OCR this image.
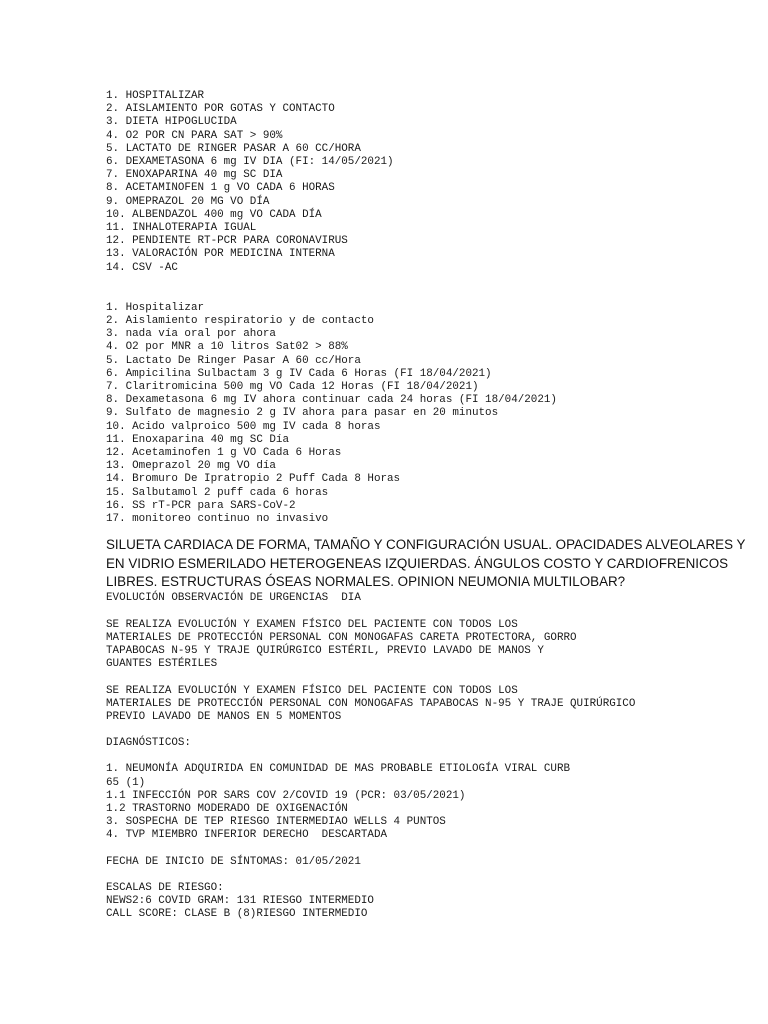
1. HOSPITALIZAR
2. AISLAMIENTO POR GOTAS Y CONTACTO
3. DIETA HIPOGLUCIDA
4. O2 POR CN PARA SAT > 90%
5. LACTATO DE RINGER PASAR A 60 CC/HORA
6. DEXAMETASONA 6 mg IV DIA (FI: 14/05/2021)
7. ENOXAPARINA 40 mg SC DIA
8. ACETAMINOFEN 1 g VO CADA 6 HORAS
9. OMEPRAZOL 20 MG VO DÍA
10. ALBENDAZOL 400 mg VO CADA DÍA
11. INHALOTERAPIA IGUAL
12. PENDIENTE RT-PCR PARA CORONAVIRUS
13. VALORACIÓN POR MEDICINA INTERNA
14. CSV -AC
1. Hospitalizar
2. Aislamiento respiratorio y de contacto
3. nada vía oral por ahora
4. O2 por MNR a 10 litros Sat02 > 88%
5. Lactato De Ringer Pasar A 60 cc/Hora
6. Ampicilina Sulbactam 3 g IV Cada 6 Horas (FI 18/04/2021)
7. Claritromicina 500 mg VO Cada 12 Horas (FI 18/04/2021)
8. Dexametasona 6 mg IV ahora continuar cada 24 horas (FI 18/04/2021)
9. Sulfato de magnesio 2 g IV ahora para pasar en 20 minutos
10. Acido valproico 500 mg IV cada 8 horas
11. Enoxaparina 40 mg SC Día
12. Acetaminofen 1 g VO Cada 6 Horas
13. Omeprazol 20 mg VO día
14. Bromuro De Ipratropio 2 Puff Cada 8 Horas
15. Salbutamol 2 puff cada 6 horas
16. SS rT-PCR para SARS-CoV-2
17. monitoreo continuo no invasivo
SILUETA CARDIACA DE FORMA, TAMAÑO Y CONFIGURACIÓN USUAL. OPACIDADES ALVEOLARES Y
EN VIDRIO ESMERILADO HETEROGENEAS IZQUIERDAS. ÁNGULOS COSTO Y CARDIOFRENICOS
LIBRES. ESTRUCTURAS ÓSEAS NORMALES. OPINION NEUMONIA MULTILOBAR?
EVOLUCIÓN OBSERVACIÓN DE URGENCIAS  DIA
SE REALIZA EVOLUCIÓN Y EXAMEN FÍSICO DEL PACIENTE CON TODOS LOS
MATERIALES DE PROTECCIÓN PERSONAL CON MONOGAFAS CARETA PROTECTORA, GORRO
TAPABOCAS N-95 Y TRAJE QUIRÚRGICO ESTÉRIL, PREVIO LAVADO DE MANOS Y
GUANTES ESTÉRILES
SE REALIZA EVOLUCIÓN Y EXAMEN FÍSICO DEL PACIENTE CON TODOS LOS
MATERIALES DE PROTECCIÓN PERSONAL CON MONOGAFAS TAPABOCAS N-95 Y TRAJE QUIRÚRGICO
PREVIO LAVADO DE MANOS EN 5 MOMENTOS
DIAGNÓSTICOS:
1. NEUMONÍA ADQUIRIDA EN COMUNIDAD DE MAS PROBABLE ETIOLOGÍA VIRAL CURB
65 (1)
1.1 INFECCIÓN POR SARS COV 2/COVID 19 (PCR: 03/05/2021)
1.2 TRASTORNO MODERADO DE OXIGENACIÓN
3. SOSPECHA DE TEP RIESGO INTERMEDIAO WELLS 4 PUNTOS
4. TVP MIEMBRO INFERIOR DERECHO  DESCARTADA
FECHA DE INICIO DE SÍNTOMAS: 01/05/2021
ESCALAS DE RIESGO:
NEWS2:6 COVID GRAM: 131 RIESGO INTERMEDIO
CALL SCORE: CLASE B (8)RIESGO INTERMEDIO
